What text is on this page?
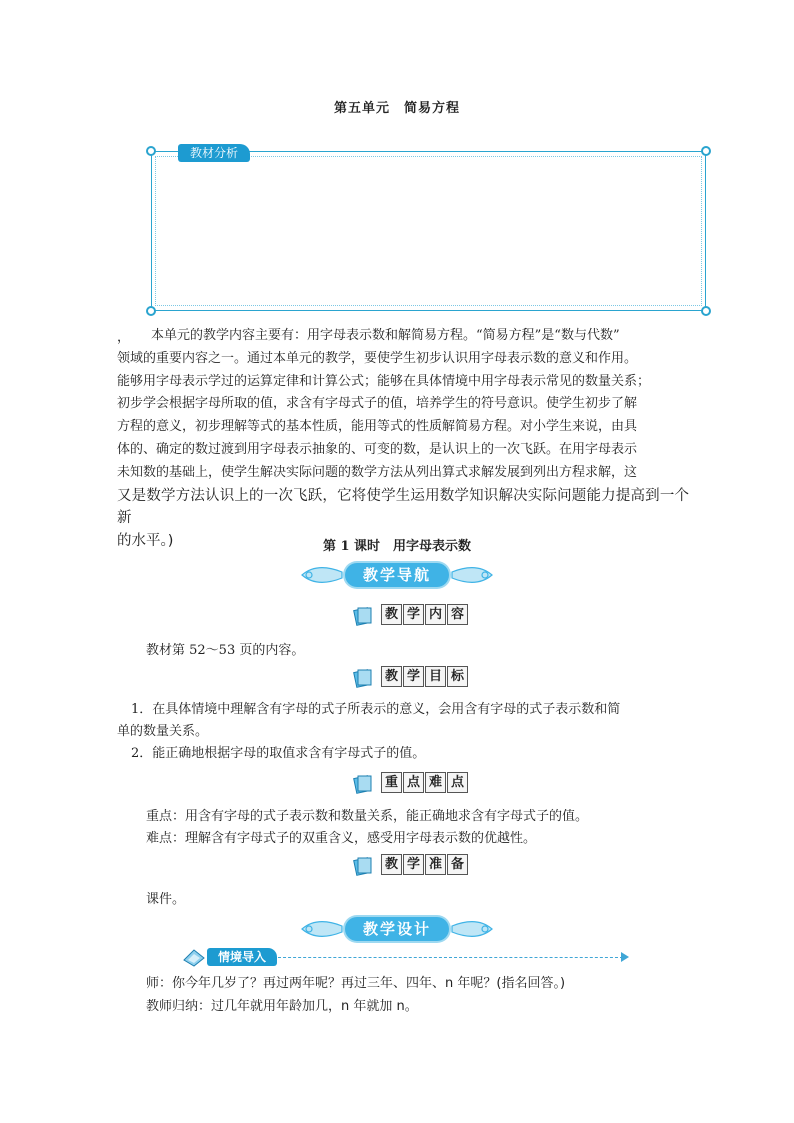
第五单元　简易方程
教材分析
，	本单元的教学内容主要有：用字母表示数和解简易方程。“简易方程”是“数与代数”
领域的重要内容之一。通过本单元的教学，要使学生初步认识用字母表示数的意义和作用。
能够用字母表示学过的运算定律和计算公式；能够在具体情境中用字母表示常见的数量关系；
初步学会根据字母所取的值，求含有字母式子的值，培养学生的符号意识。使学生初步了解
方程的意义，初步理解等式的基本性质，能用等式的性质解简易方程。对小学生来说，由具
体的、确定的数过渡到用字母表示抽象的、可变的数，是认识上的一次飞跃。在用字母表示
未知数的基础上，使学生解决实际问题的数学方法从列出算式求解发展到列出方程求解，这
又是数学方法认识上的一次飞跃，它将使学生运用数学知识解决实际问题能力提高到一个新
的水平。)	第 1 课时　用字母表示数
教学导航
教 学 内 容
教材第 52～53 页的内容。
教 学 目 标
1．在具体情境中理解含有字母的式子所表示的意义，会用含有字母的式子表示数和简
单的数量关系。
2．能正确地根据字母的取值求含有字母式子的值。
重 点 难 点
重点：用含有字母的式子表示数和数量关系，能正确地求含有字母式子的值。
难点：理解含有字母式子的双重含义，感受用字母表示数的优越性。
教 学 准 备
课件。
教学设计
情境导入
师：你今年几岁了？再过两年呢？再过三年、四年、n 年呢？(指名回答。)
教师归纳：过几年就用年龄加几，n 年就加 n。
